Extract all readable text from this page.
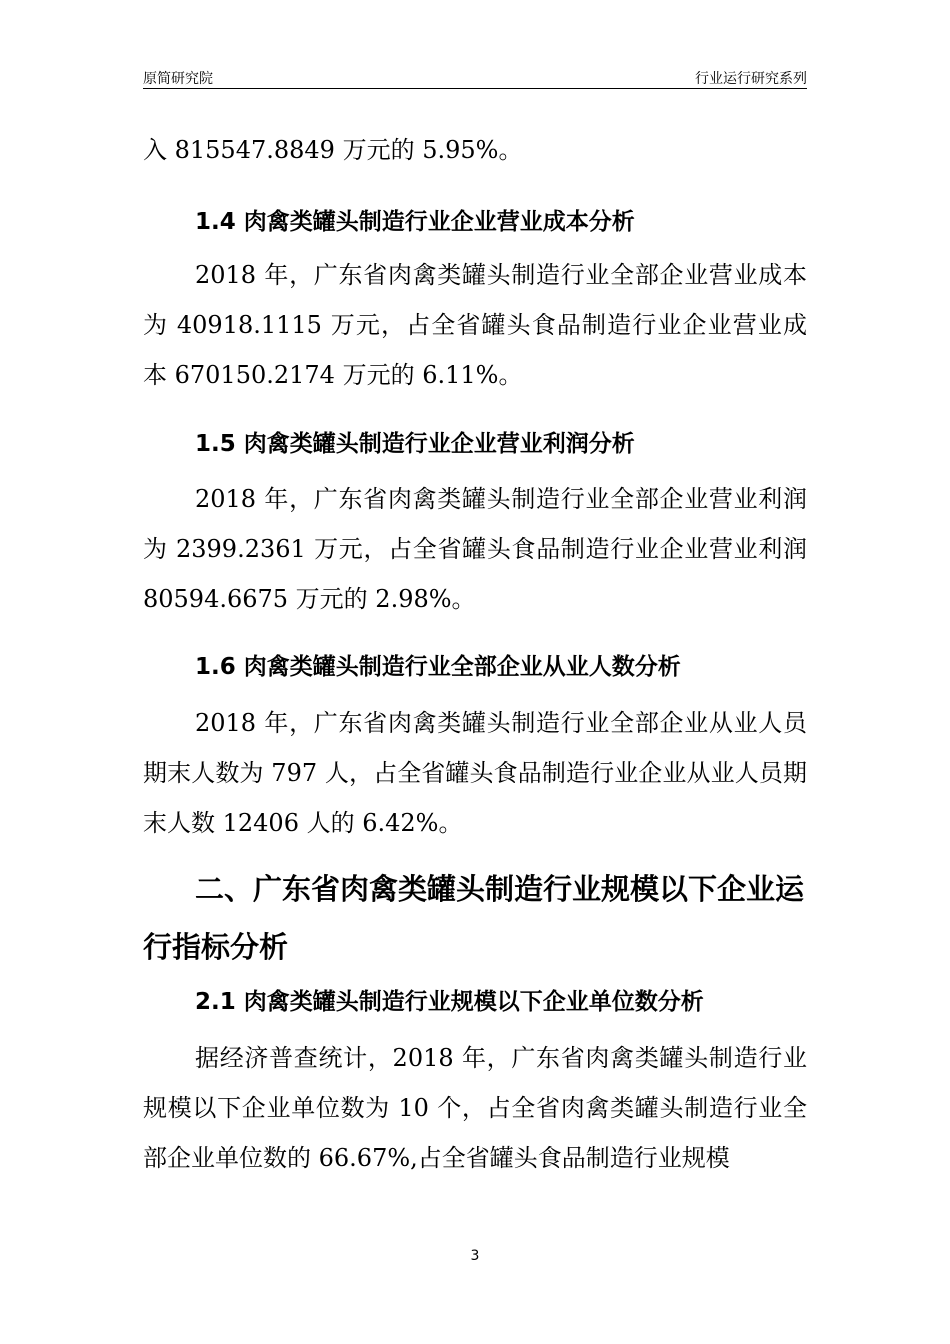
原简研究院	行业运行研究系列

入 815547.8849 万元的 5.95%。

1.4 肉禽类罐头制造行业企业营业成本分析

2018 年，广东省肉禽类罐头制造行业全部企业营业成本为 40918.1115 万元，占全省罐头食品制造行业企业营业成本 670150.2174 万元的 6.11%。

1.5 肉禽类罐头制造行业企业营业利润分析

2018 年，广东省肉禽类罐头制造行业全部企业营业利润为 2399.2361 万元，占全省罐头食品制造行业企业营业利润 80594.6675 万元的 2.98%。

1.6 肉禽类罐头制造行业全部企业从业人数分析

2018 年，广东省肉禽类罐头制造行业全部企业从业人员期末人数为 797 人，占全省罐头食品制造行业企业从业人员期末人数 12406 人的 6.42%。

二、广东省肉禽类罐头制造行业规模以下企业运
行指标分析
2.1 肉禽类罐头制造行业规模以下企业单位数分析

据经济普查统计，2018 年，广东省肉禽类罐头制造行业规模以下企业单位数为 10 个，占全省肉禽类罐头制造行业全部企业单位数的 66.67%,占全省罐头食品制造行业规模

3
